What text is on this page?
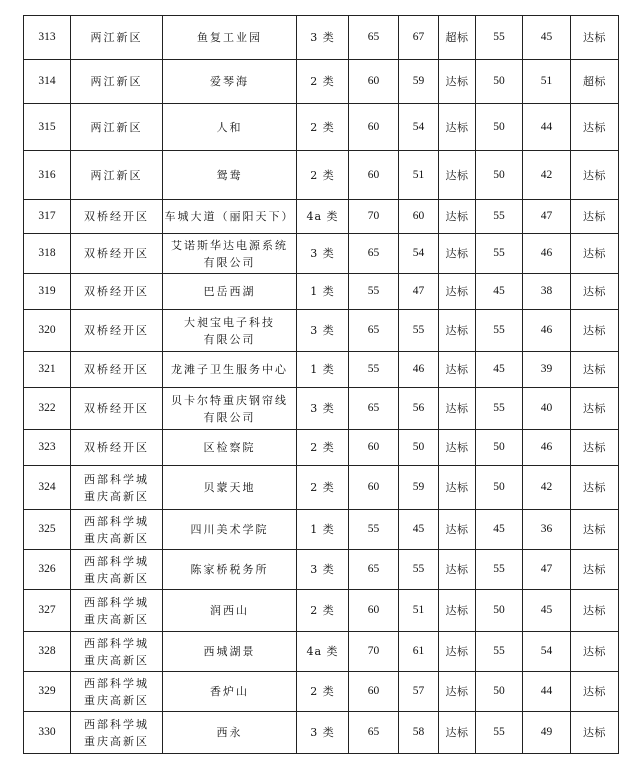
313	两江新区	鱼复工业园	3 类	65	67	超标	55	45	达标
314	两江新区	爱琴海	2 类	60	59	达标	50	51	超标
315	两江新区	人和	2 类	60	54	达标	50	44	达标
316	两江新区	鸳鸯	2 类	60	51	达标	50	42	达标
317	双桥经开区	车城大道（丽阳天下）	4a 类	70	60	达标	55	47	达标
318	双桥经开区	艾诺斯华达电源系统
有限公司	3 类	65	54	达标	55	46	达标
319	双桥经开区	巴岳西湖	1 类	55	47	达标	45	38	达标
320	双桥经开区	大昶宝电子科技
有限公司	3 类	65	55	达标	55	46	达标
321	双桥经开区	龙滩子卫生服务中心	1 类	55	46	达标	45	39	达标
322	双桥经开区	贝卡尔特重庆钢帘线
有限公司	3 类	65	56	达标	55	40	达标
323	双桥经开区	区检察院	2 类	60	50	达标	50	46	达标
324	西部科学城
重庆高新区	贝蒙天地	2 类	60	59	达标	50	42	达标
325	西部科学城
重庆高新区	四川美术学院	1 类	55	45	达标	45	36	达标
326	西部科学城
重庆高新区	陈家桥税务所	3 类	65	55	达标	55	47	达标
327	西部科学城
重庆高新区	润西山	2 类	60	51	达标	50	45	达标
328	西部科学城
重庆高新区	西城湖景	4a 类	70	61	达标	55	54	达标
329	西部科学城
重庆高新区	香炉山	2 类	60	57	达标	50	44	达标
330	西部科学城
重庆高新区	西永	3 类	65	58	达标	55	49	达标
